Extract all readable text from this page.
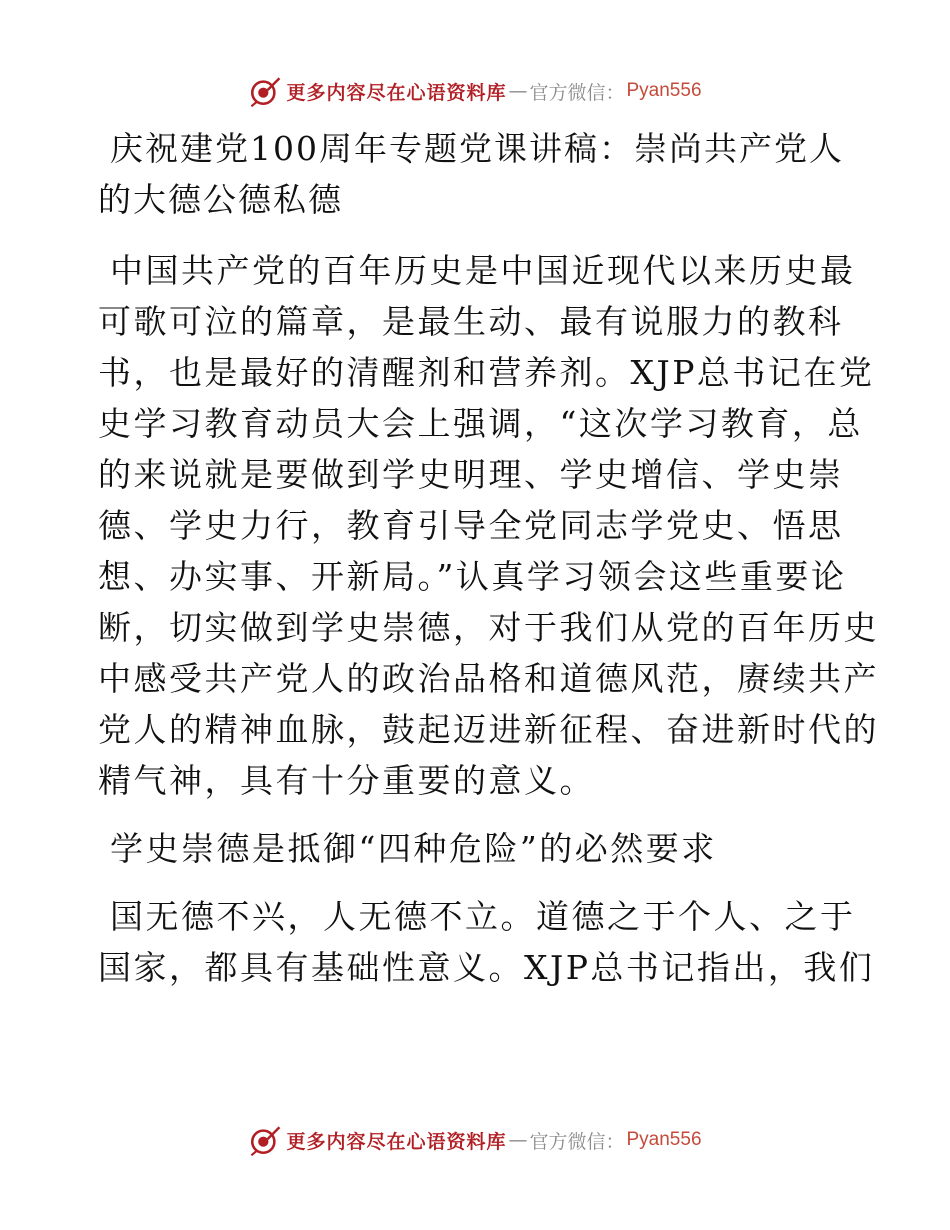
更多内容尽在心语资料库 — 官方微信： Pyan556

庆祝建党100周年专题党课讲稿：崇尚共产党人

的大德公德私德

中国共产党的百年历史是中国近现代以来历史最

可歌可泣的篇章，是最生动、最有说服力的教科

书，也是最好的清醒剂和营养剂。XJP总书记在党

史学习教育动员大会上强调，“这次学习教育，总

的来说就是要做到学史明理、学史增信、学史崇

德、学史力行，教育引导全党同志学党史、悟思

想、办实事、开新局。”认真学习领会这些重要论

断，切实做到学史崇德，对于我们从党的百年历史

中感受共产党人的政治品格和道德风范，赓续共产

党人的精神血脉，鼓起迈进新征程、奋进新时代的

精气神，具有十分重要的意义。

学史崇德是抵御“四种危险”的必然要求

国无德不兴，人无德不立。道德之于个人、之于

国家，都具有基础性意义。XJP总书记指出，我们

更多内容尽在心语资料库 — 官方微信： Pyan556
